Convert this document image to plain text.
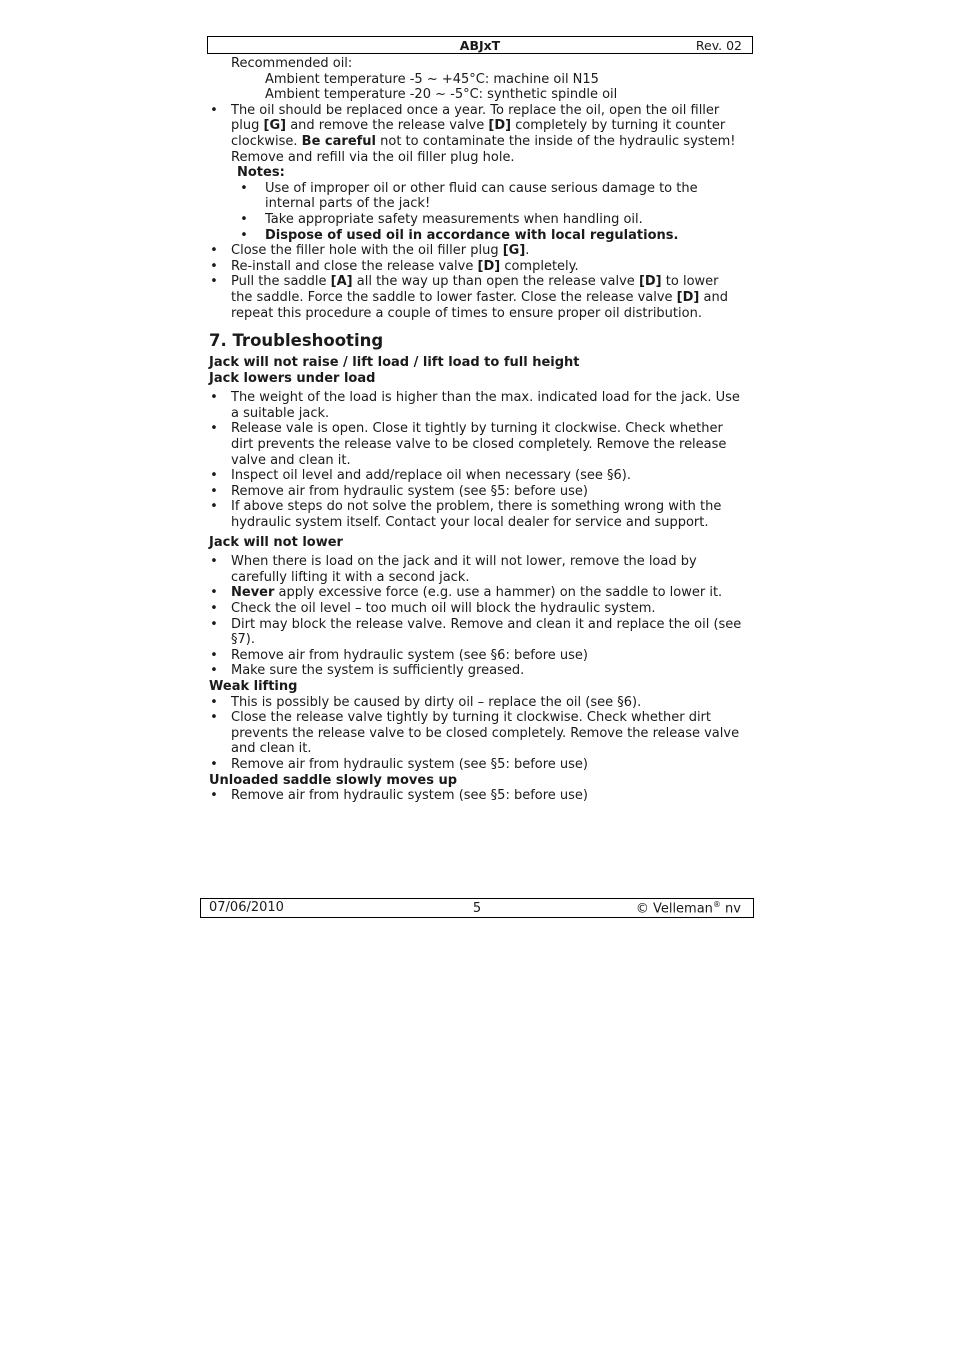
ABJxT	Rev. 02
Recommended oil:
Ambient temperature -5 ~ +45°C: machine oil N15
Ambient temperature -20 ~ -5°C: synthetic spindle oil
• The oil should be replaced once a year. To replace the oil, open the oil filler
plug [G] and remove the release valve [D] completely by turning it counter
clockwise. Be careful not to contaminate the inside of the hydraulic system!
Remove and refill via the oil filler plug hole.
Notes:
• Use of improper oil or other fluid can cause serious damage to the
internal parts of the jack!
• Take appropriate safety measurements when handling oil.
• Dispose of used oil in accordance with local regulations.
• Close the filler hole with the oil filler plug [G].
• Re-install and close the release valve [D] completely.
• Pull the saddle [A] all the way up than open the release valve [D] to lower
the saddle. Force the saddle to lower faster. Close the release valve [D] and
repeat this procedure a couple of times to ensure proper oil distribution.
7. Troubleshooting
Jack will not raise / lift load / lift load to full height
Jack lowers under load
• The weight of the load is higher than the max. indicated load for the jack. Use
a suitable jack.
• Release vale is open. Close it tightly by turning it clockwise. Check whether
dirt prevents the release valve to be closed completely. Remove the release
valve and clean it.
• Inspect oil level and add/replace oil when necessary (see §6).
• Remove air from hydraulic system (see §5: before use)
• If above steps do not solve the problem, there is something wrong with the
hydraulic system itself. Contact your local dealer for service and support.
Jack will not lower
• When there is load on the jack and it will not lower, remove the load by
carefully lifting it with a second jack.
• Never apply excessive force (e.g. use a hammer) on the saddle to lower it.
• Check the oil level – too much oil will block the hydraulic system.
• Dirt may block the release valve. Remove and clean it and replace the oil (see
§7).
• Remove air from hydraulic system (see §6: before use)
• Make sure the system is sufficiently greased.
Weak lifting
• This is possibly be caused by dirty oil – replace the oil (see §6).
• Close the release valve tightly by turning it clockwise. Check whether dirt
prevents the release valve to be closed completely. Remove the release valve
and clean it.
• Remove air from hydraulic system (see §5: before use)
Unloaded saddle slowly moves up
• Remove air from hydraulic system (see §5: before use)
07/06/2010	5	© Velleman® nv
